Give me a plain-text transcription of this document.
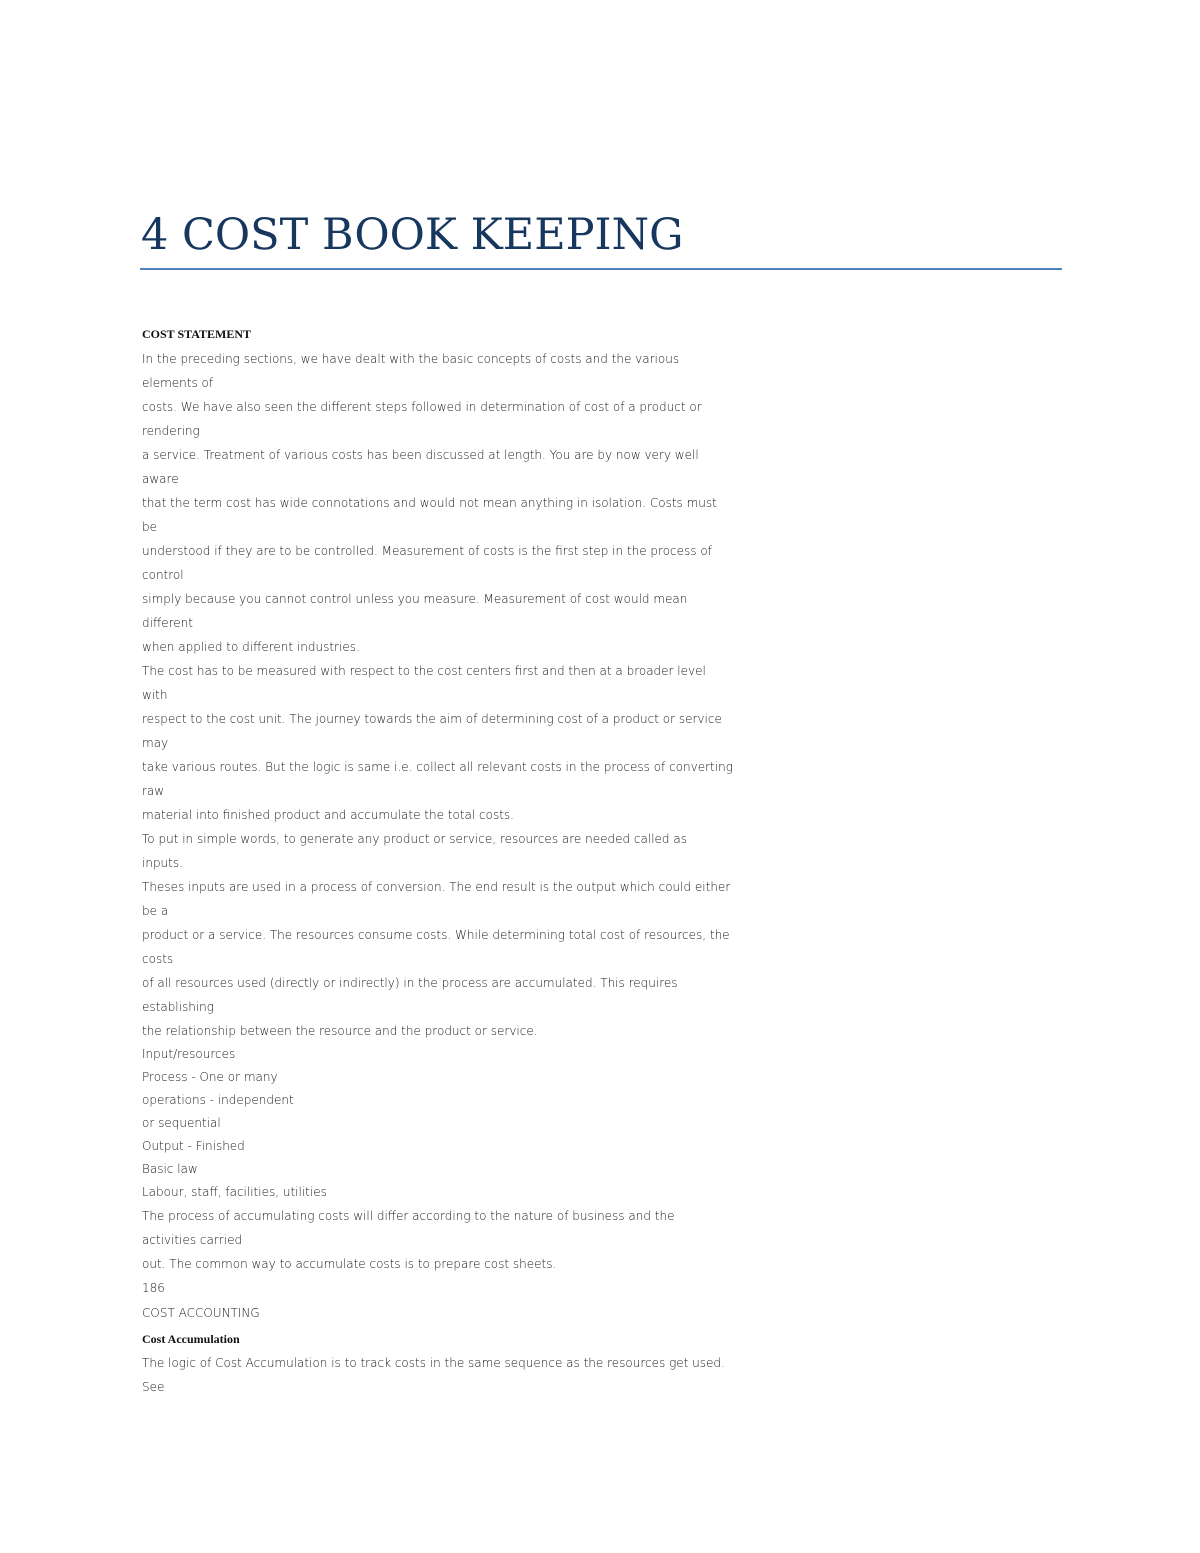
4 COST BOOK KEEPING
COST STATEMENT
In the preceding sections, we have dealt with the basic concepts of costs and the various
elements of
costs. We have also seen the different steps followed in determination of cost of a product or
rendering
a service. Treatment of various costs has been discussed at length. You are by now very well
aware
that the term cost has wide connotations and would not mean anything in isolation. Costs must
be
understood if they are to be controlled. Measurement of costs is the first step in the process of
control
simply because you cannot control unless you measure. Measurement of cost would mean
different
when applied to different industries.
The cost has to be measured with respect to the cost centers first and then at a broader level
with
respect to the cost unit. The journey towards the aim of determining cost of a product or service
may
take various routes. But the logic is same i.e. collect all relevant costs in the process of converting
raw
material into finished product and accumulate the total costs.
To put in simple words, to generate any product or service, resources are needed called as
inputs.
Theses inputs are used in a process of conversion. The end result is the output which could either
be a
product or a service. The resources consume costs. While determining total cost of resources, the
costs
of all resources used (directly or indirectly) in the process are accumulated. This requires
establishing
the relationship between the resource and the product or service.
Input/resources
Process - One or many
operations - independent
or sequential
Output - Finished
Basic law
Labour, staff, facilities, utilities
The process of accumulating costs will differ according to the nature of business and the
activities carried
out. The common way to accumulate costs is to prepare cost sheets.
186
COST ACCOUNTING
Cost Accumulation
The logic of Cost Accumulation is to track costs in the same sequence as the resources get used.
See
